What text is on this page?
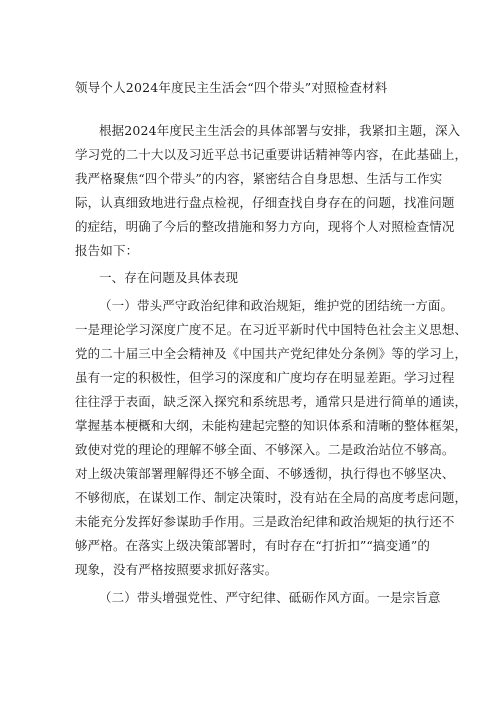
领导个人2024年度民主生活会“四个带头”对照检查材料
根据2024年度民主生活会的具体部署与安排，我紧扣主题，深入
学习党的二十大以及习近平总书记重要讲话精神等内容，在此基础上，
我严格聚焦“四个带头”的内容，紧密结合自身思想、生活与工作实
际，认真细致地进行盘点检视，仔细查找自身存在的问题，找准问题
的症结，明确了今后的整改措施和努力方向，现将个人对照检查情况
报告如下：
一、存在问题及具体表现
（一）带头严守政治纪律和政治规矩，维护党的团结统一方面。
一是理论学习深度广度不足。在习近平新时代中国特色社会主义思想、
党的二十届三中全会精神及《中国共产党纪律处分条例》等的学习上，
虽有一定的积极性，但学习的深度和广度均存在明显差距。学习过程
往往浮于表面，缺乏深入探究和系统思考，通常只是进行简单的通读，
掌握基本梗概和大纲，未能构建起完整的知识体系和清晰的整体框架，
致使对党的理论的理解不够全面、不够深入。二是政治站位不够高。
对上级决策部署理解得还不够全面、不够透彻，执行得也不够坚决、
不够彻底，在谋划工作、制定决策时，没有站在全局的高度考虑问题，
未能充分发挥好参谋助手作用。三是政治纪律和政治规矩的执行还不
够严格。在落实上级决策部署时，有时存在“打折扣”“搞变通”的
现象，没有严格按照要求抓好落实。
（二）带头增强党性、严守纪律、砥砺作风方面。一是宗旨意
